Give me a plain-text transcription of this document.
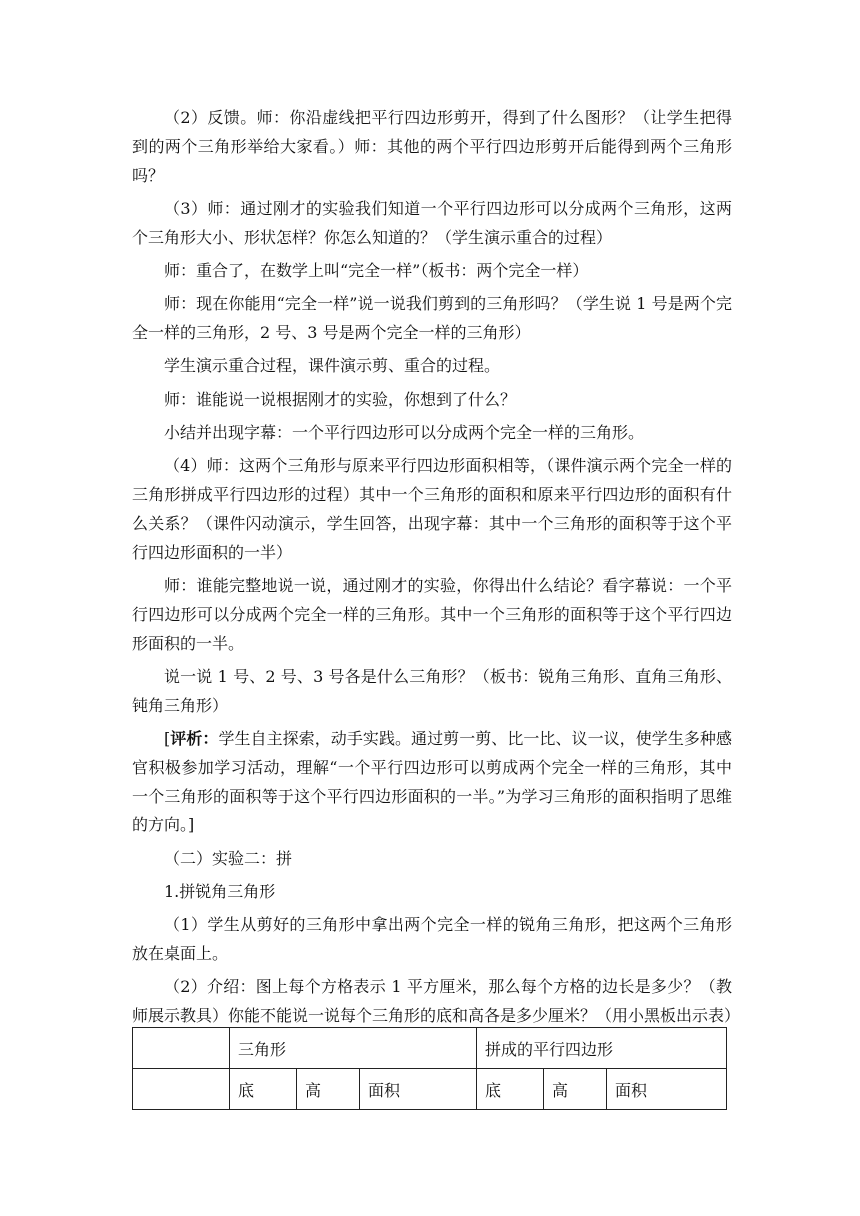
（2）反馈。师：你沿虚线把平行四边形剪开，得到了什么图形？（让学生把得到的两个三角形举给大家看。）师：其他的两个平行四边形剪开后能得到两个三角形吗？

（3）师：通过刚才的实验我们知道一个平行四边形可以分成两个三角形，这两个三角形大小、形状怎样？你怎么知道的？（学生演示重合的过程）

师：重合了，在数学上叫“完全一样”（板书：两个完全一样）

师：现在你能用“完全一样”说一说我们剪到的三角形吗？（学生说 1 号是两个完全一样的三角形，2 号、3 号是两个完全一样的三角形）

学生演示重合过程，课件演示剪、重合的过程。

师：谁能说一说根据刚才的实验，你想到了什么？

小结并出现字幕：一个平行四边形可以分成两个完全一样的三角形。

（4）师：这两个三角形与原来平行四边形面积相等，（课件演示两个完全一样的三角形拼成平行四边形的过程）其中一个三角形的面积和原来平行四边形的面积有什么关系？（课件闪动演示，学生回答，出现字幕：其中一个三角形的面积等于这个平行四边形面积的一半）

师：谁能完整地说一说，通过刚才的实验，你得出什么结论？看字幕说：一个平行四边形可以分成两个完全一样的三角形。其中一个三角形的面积等于这个平行四边形面积的一半。

说一说 1 号、2 号、3 号各是什么三角形？（板书：锐角三角形、直角三角形、钝角三角形）

[评析：学生自主探索，动手实践。通过剪一剪、比一比、议一议，使学生多种感官积极参加学习活动，理解“一个平行四边形可以剪成两个完全一样的三角形，其中一个三角形的面积等于这个平行四边形面积的一半。”为学习三角形的面积指明了思维的方向。]

（二）实验二：拼

1.拼锐角三角形

（1）学生从剪好的三角形中拿出两个完全一样的锐角三角形，把这两个三角形放在桌面上。

（2）介绍：图上每个方格表示 1 平方厘米，那么每个方格的边长是多少？（教师展示教具）你能不能说一说每个三角形的底和高各是多少厘米？（用小黑板出示表）

	三角形			拼成的平行四边形		
	底	高	面积	底	高	面积
